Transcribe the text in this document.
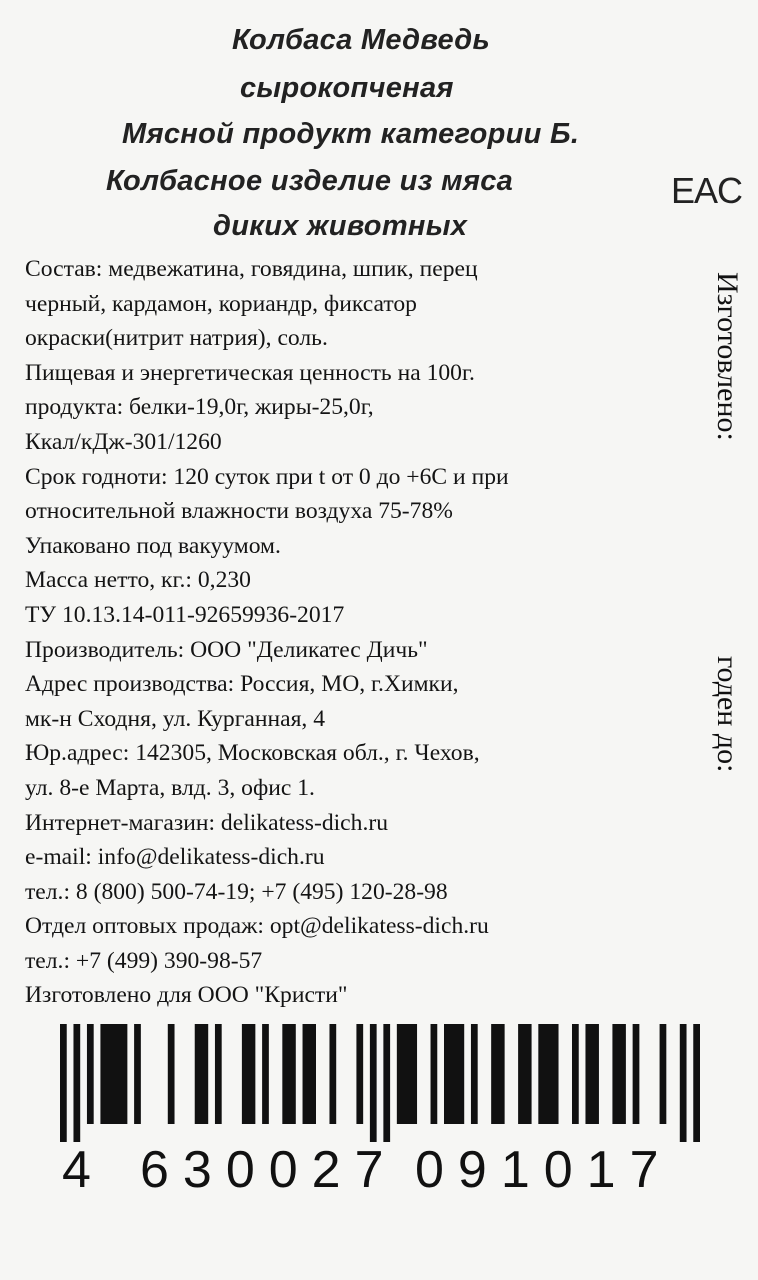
Колбаса Медведь
сырокопченая
Мясной продукт категории Б.
Колбасное изделие из мяса
диких животных
EAC
Изготовлено:
годен до:
Состав: медвежатина, говядина, шпик, перец
черный, кардамон, кориандр, фиксатор
окраски(нитрит натрия), соль.
Пищевая и энергетическая ценность на 100г.
продукта: белки-19,0г, жиры-25,0г,
Ккал/кДж-301/1260
Срок годноти: 120 суток при t от 0 до +6С и при
относительной влажности воздуха 75-78%
Упаковано под вакуумом.
Масса нетто, кг.: 0,230
ТУ 10.13.14-011-92659936-2017
Производитель: ООО "Деликатес Дичь"
Адрес производства: Россия, МО, г.Химки,
мк-н Сходня, ул. Курганная, 4
Юр.адрес: 142305, Московская обл., г. Чехов,
ул. 8-е Марта, влд. 3, офис 1.
Интернет-магазин: delikatess-dich.ru
e-mail: info@delikatess-dich.ru
тел.: 8 (800) 500-74-19; +7 (495) 120-28-98
Отдел оптовых продаж: opt@delikatess-dich.ru
тел.: +7 (499) 390-98-57
Изготовлено для ООО "Кристи"
4 630027 091017
